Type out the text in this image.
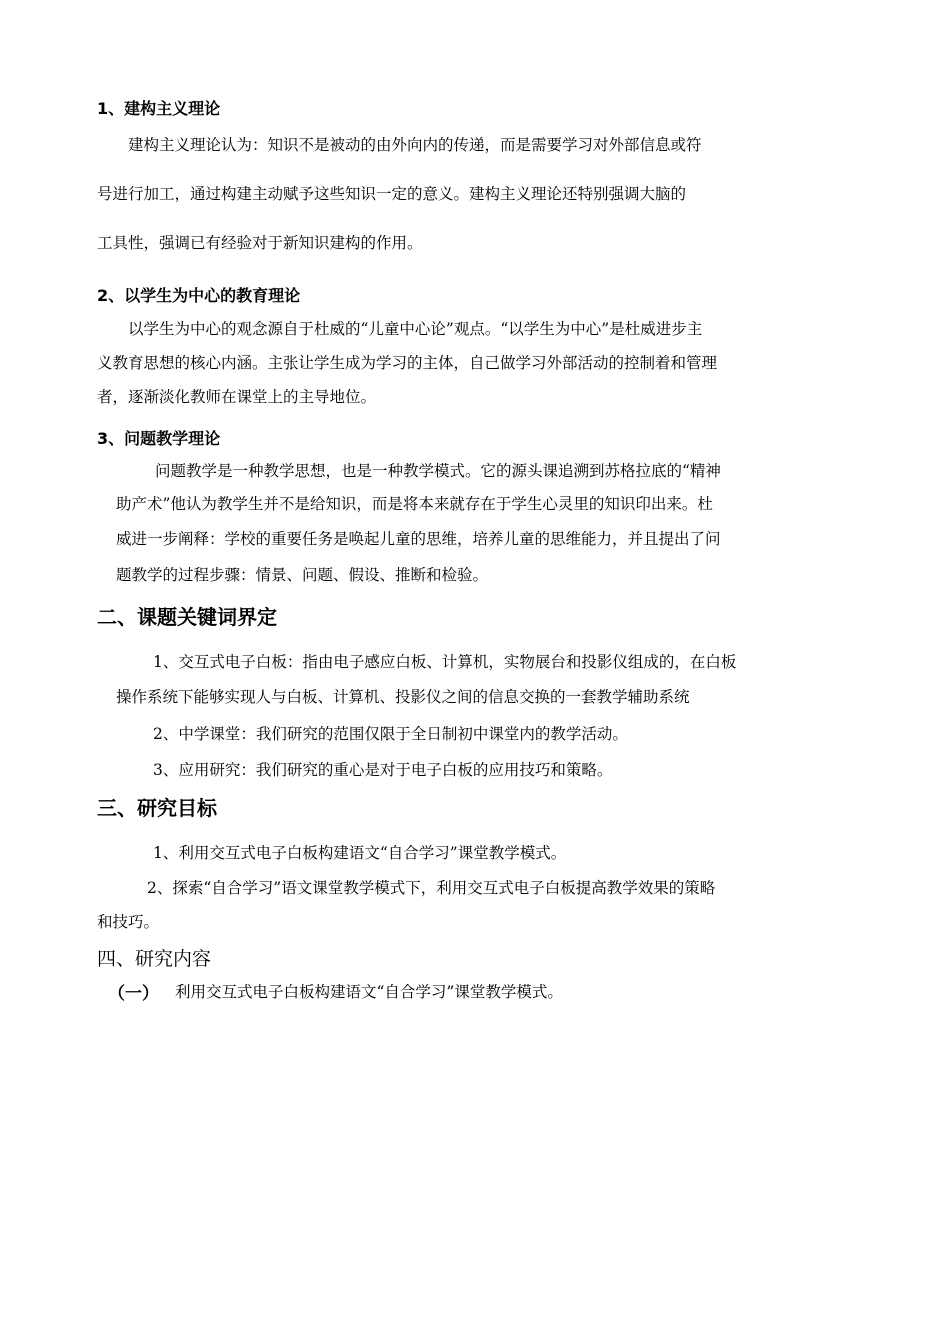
1、建构主义理论
建构主义理论认为：知识不是被动的由外向内的传递，而是需要学习对外部信息或符
号进行加工，通过构建主动赋予这些知识一定的意义。建构主义理论还特别强调大脑的
工具性，强调已有经验对于新知识建构的作用。
2、以学生为中心的教育理论
以学生为中心的观念源自于杜威的“儿童中心论”观点。“以学生为中心”是杜威进步主
义教育思想的核心内涵。主张让学生成为学习的主体，自己做学习外部活动的控制着和管理
者，逐渐淡化教师在课堂上的主导地位。
3、问题教学理论
问题教学是一种教学思想，也是一种教学模式。它的源头课追溯到苏格拉底的“精神
助产术”他认为教学生并不是给知识，而是将本来就存在于学生心灵里的知识印出来。杜
威进一步阐释：学校的重要任务是唤起儿童的思维，培养儿童的思维能力，并且提出了问
题教学的过程步骤：情景、问题、假设、推断和检验。
二、课题关键词界定
1、交互式电子白板：指由电子感应白板、计算机，实物展台和投影仪组成的，在白板
操作系统下能够实现人与白板、计算机、投影仪之间的信息交换的一套教学辅助系统
2、中学课堂：我们研究的范围仅限于全日制初中课堂内的教学活动。
3、应用研究：我们研究的重心是对于电子白板的应用技巧和策略。
三、研究目标
1、利用交互式电子白板构建语文“自合学习”课堂教学模式。
2、探索“自合学习”语文课堂教学模式下，利用交互式电子白板提高教学效果的策略
和技巧。
四、研究内容
（一） 利用交互式电子白板构建语文“自合学习”课堂教学模式。
